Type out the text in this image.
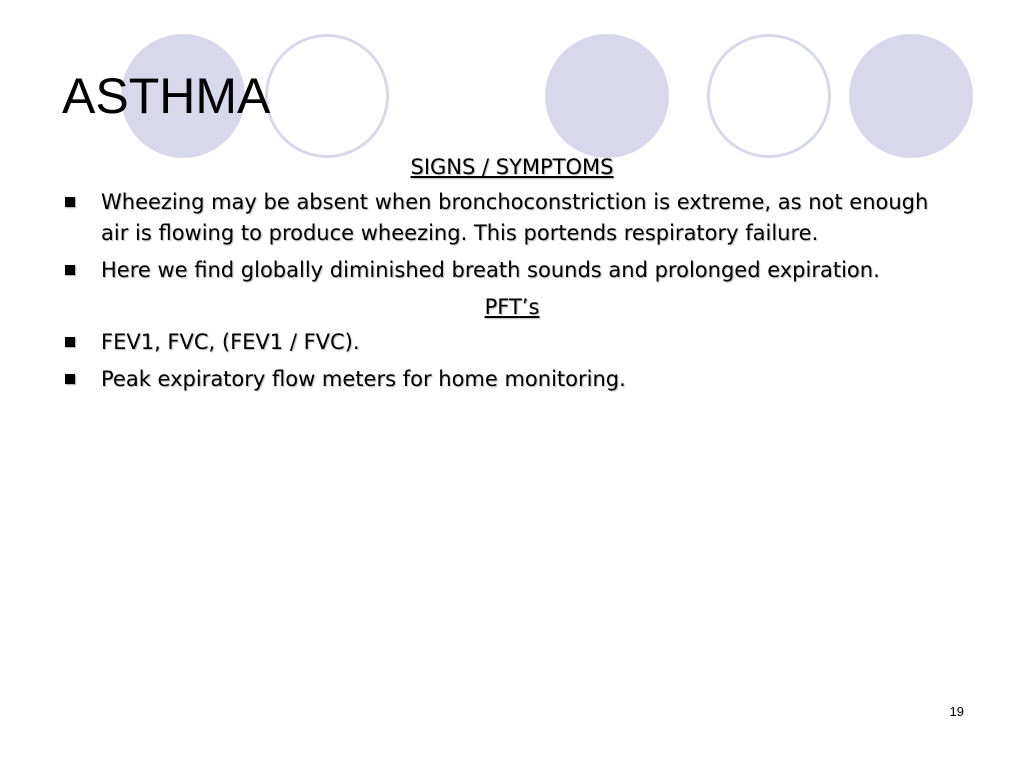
ASTHMA
SIGNS / SYMPTOMS
Wheezing may be absent when bronchoconstriction is extreme, as not enough air is flowing to produce wheezing. This portends respiratory failure.
Here we find globally diminished breath sounds and prolonged expiration.
PFT’s
FEV1, FVC, (FEV1 / FVC).
Peak expiratory flow meters for home monitoring.
19
